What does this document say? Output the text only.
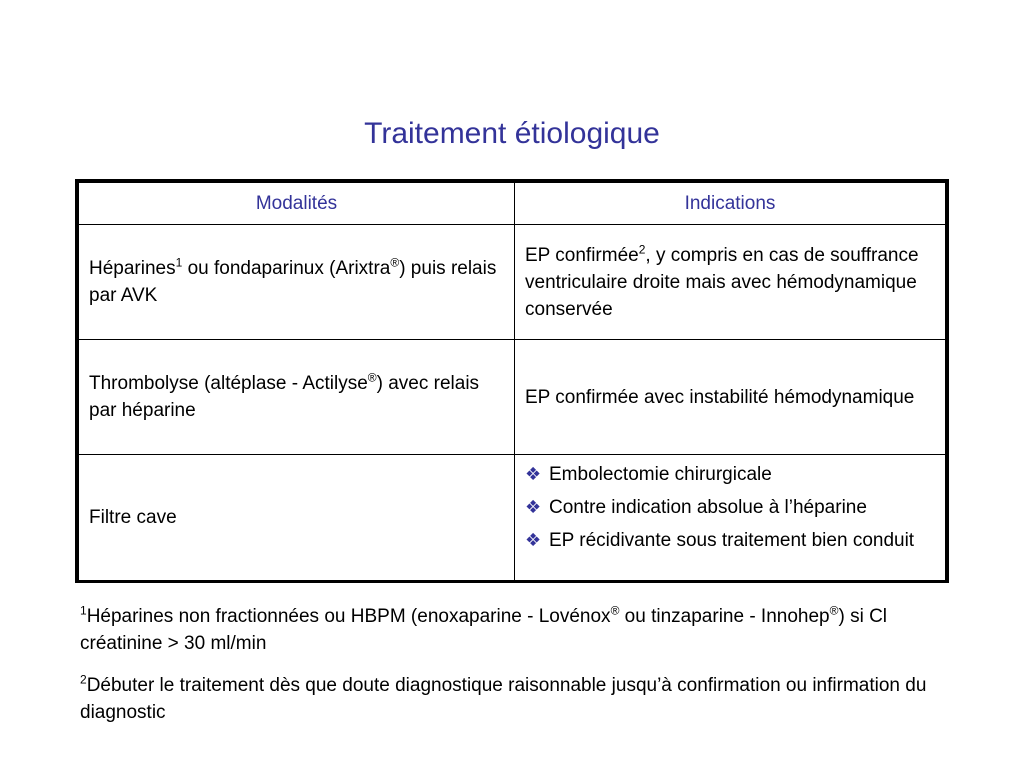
Traitement étiologique
Modalités	Indications
Héparines$^1$ ou fondaparinux (Arixtra®) puis relais par AVK	EP confirmée$^2$, y compris en cas de souffrance ventriculaire droite mais avec hémodynamique conservée
Thrombolyse (altéplase - Actilyse®) avec relais par héparine	EP confirmée avec instabilité hémodynamique
Filtre cave	❖ Embolectomie chirurgicale
❖ Contre indication absolue à l’héparine
❖ EP récidivante sous traitement bien conduit

$^1$Héparines non fractionnées ou HBPM (enoxaparine - Lovénox® ou tinzaparine - Innohep®) si Cl créatinine > 30 ml/min

$^2$Débuter le traitement dès que doute diagnostique raisonnable jusqu’à confirmation ou infirmation du diagnostic
